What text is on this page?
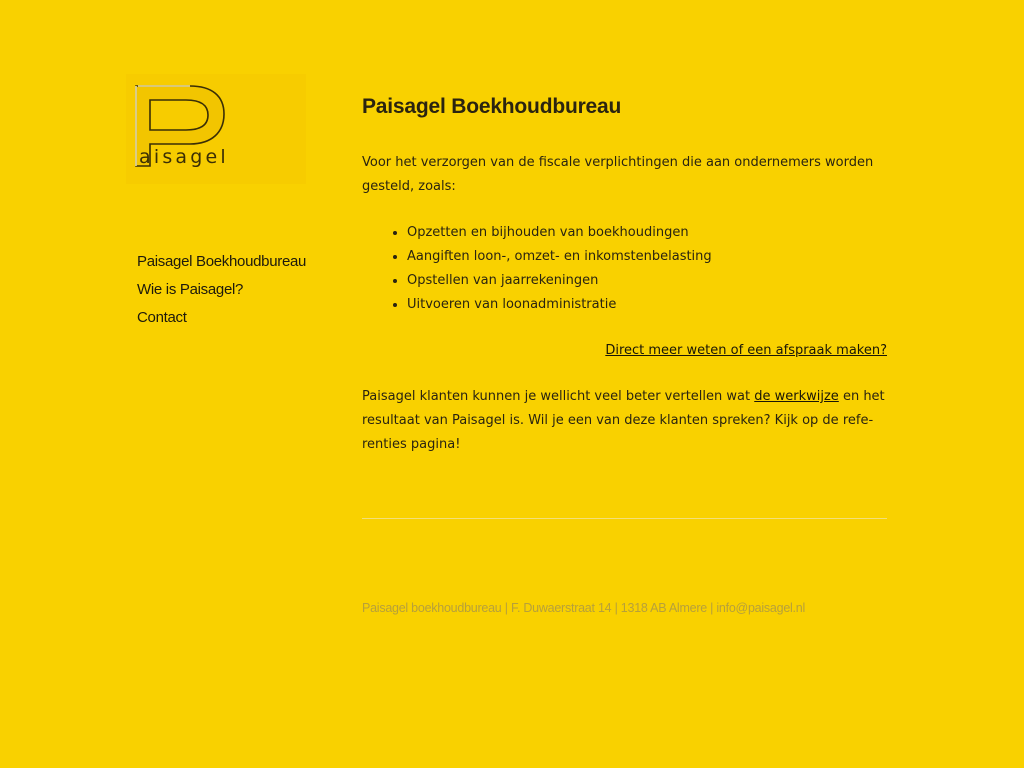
aisagel
Paisagel Boekhoudbureau
Wie is Paisagel?
Contact
Paisagel Boekhoudbureau

Voor het verzorgen van de fiscale verplichtingen die aan ondernemers worden gesteld, zoals:

• Opzetten en bijhouden van boekhoudingen
• Aangiften loon-, omzet- en inkomstenbelasting
• Opstellen van jaarrekeningen
• Uitvoeren van loonadministratie
Direct meer weten of een afspraak maken?

Paisagel klanten kunnen je wellicht veel beter vertellen wat de werkwijze en het resultaat van Paisagel is. Wil je een van deze klanten spreken? Kijk op de referenties pagina!

Paisagel boekhoudbureau | F. Duwaerstraat 14 | 1318 AB Almere | info@paisagel.nl
